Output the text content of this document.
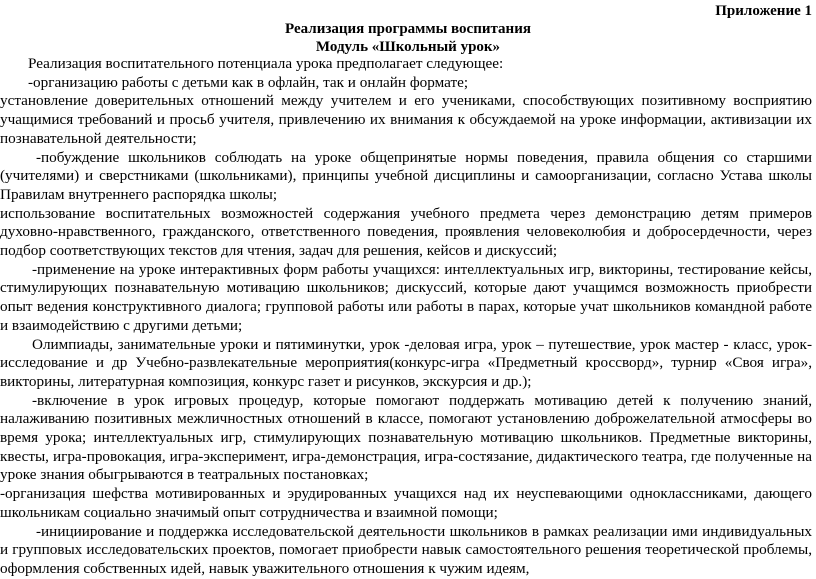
Приложение 1
Реализация программы воспитания
Модуль «Школьный урок»

Реализация воспитательного потенциала урока предполагает следующее:

-организацию работы с детьми как в офлайн, так и онлайн формате;

установление доверительных отношений между учителем и его учениками, способствующих позитивному восприятию учащимися требований и просьб учителя, привлечению их внимания к обсуждаемой на уроке информации, активизации их познавательной деятельности;

-побуждение школьников соблюдать на уроке общепринятые нормы поведения, правила общения со старшими (учителями) и сверстниками (школьниками), принципы учебной дисциплины и самоорганизации, согласно Устава школы Правилам внутреннего распорядка школы;

использование воспитательных возможностей содержания учебного предмета через демонстрацию детям примеров духовно-нравственного, гражданского, ответственного поведения, проявления человеколюбия и добросердечности, через подбор соответствующих текстов для чтения, задач для решения, кейсов и дискуссий;

-применение на уроке интерактивных форм работы учащихся: интеллектуальных игр, викторины, тестирование кейсы, стимулирующих познавательную мотивацию школьников; дискуссий, которые дают учащимся возможность приобрести опыт ведения конструктивного диалога; групповой работы или работы в парах, которые учат школьников командной работе и взаимодействию с другими детьми;

Олимпиады, занимательные уроки и пятиминутки, урок -деловая игра, урок – путешествие, урок мастер - класс, урок-исследование и др Учебно-развлекательные мероприятия(конкурс-игра «Предметный кроссворд», турнир «Своя игра», викторины, литературная композиция, конкурс газет и рисунков, экскурсия и др.);

-включение в урок игровых процедур, которые помогают поддержать мотивацию детей к получению знаний, налаживанию позитивных межличностных отношений в классе, помогают установлению доброжелательной атмосферы во время урока; интеллектуальных игр, стимулирующих познавательную мотивацию школьников. Предметные викторины, квесты, игра-провокация, игра-эксперимент, игра-демонстрация, игра-состязание, дидактического театра, где полученные на уроке знания обыгрываются в театральных постановках;

-организация шефства мотивированных и эрудированных учащихся над их неуспевающими одноклассниками, дающего школьникам социально значимый опыт сотрудничества и взаимной помощи;

-инициирование и поддержка исследовательской деятельности школьников в рамках реализации ими индивидуальных и групповых исследовательских проектов, помогает приобрести навык самостоятельного решения теоретической проблемы, оформления собственных идей, навык уважительного отношения к чужим идеям,
